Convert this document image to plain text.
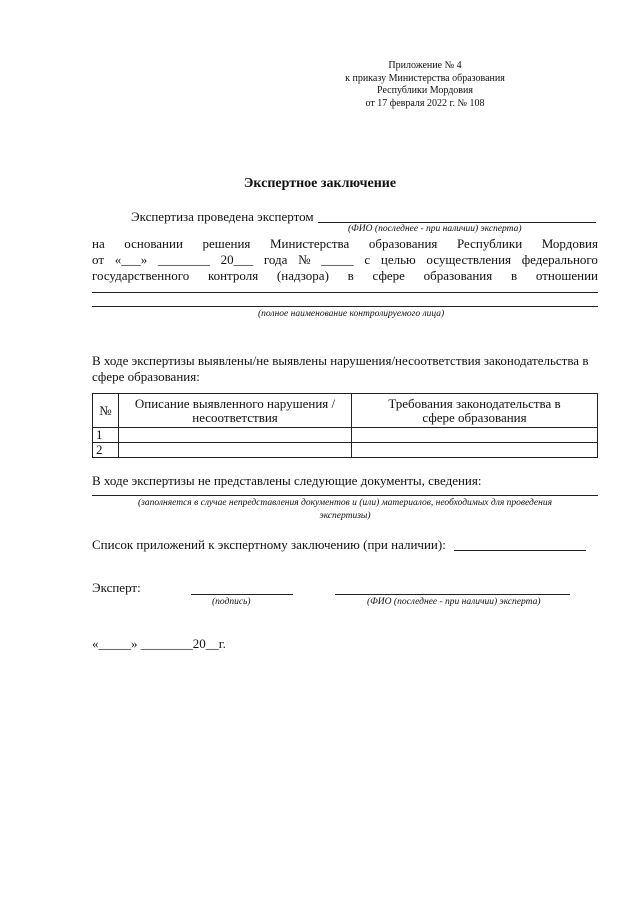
Приложение № 4
к приказу Министерства образования
Республики Мордовия
от 17 февраля 2022 г. № 108
Экспертное заключение
Экспертиза проведена экспертом
(ФИО (последнее - при наличии) эксперта)
на основании решения Министерства образования Республики Мордовия
от «___» ________ 20___ года № _____ с целью осуществления федерального
государственного контроля (надзора) в сфере образования в отношении
(полное наименование контролируемого лица)
В ходе экспертизы выявлены/не выявлены нарушения/несоответствия законодательства в
сфере образования:
№	Описание выявленного нарушения /несоответствия	Требования законодательства в сфере образования
1		
2		
В ходе экспертизы не представлены следующие документы, сведения:
(заполняется в случае непредставления документов и (или) материалов, необходимых для проведения
экспертизы)
Список приложений к экспертному заключению (при наличии):
Эксперт:
(подпись)	(ФИО (последнее - при наличии) эксперта)
«_____» ________20__г.
